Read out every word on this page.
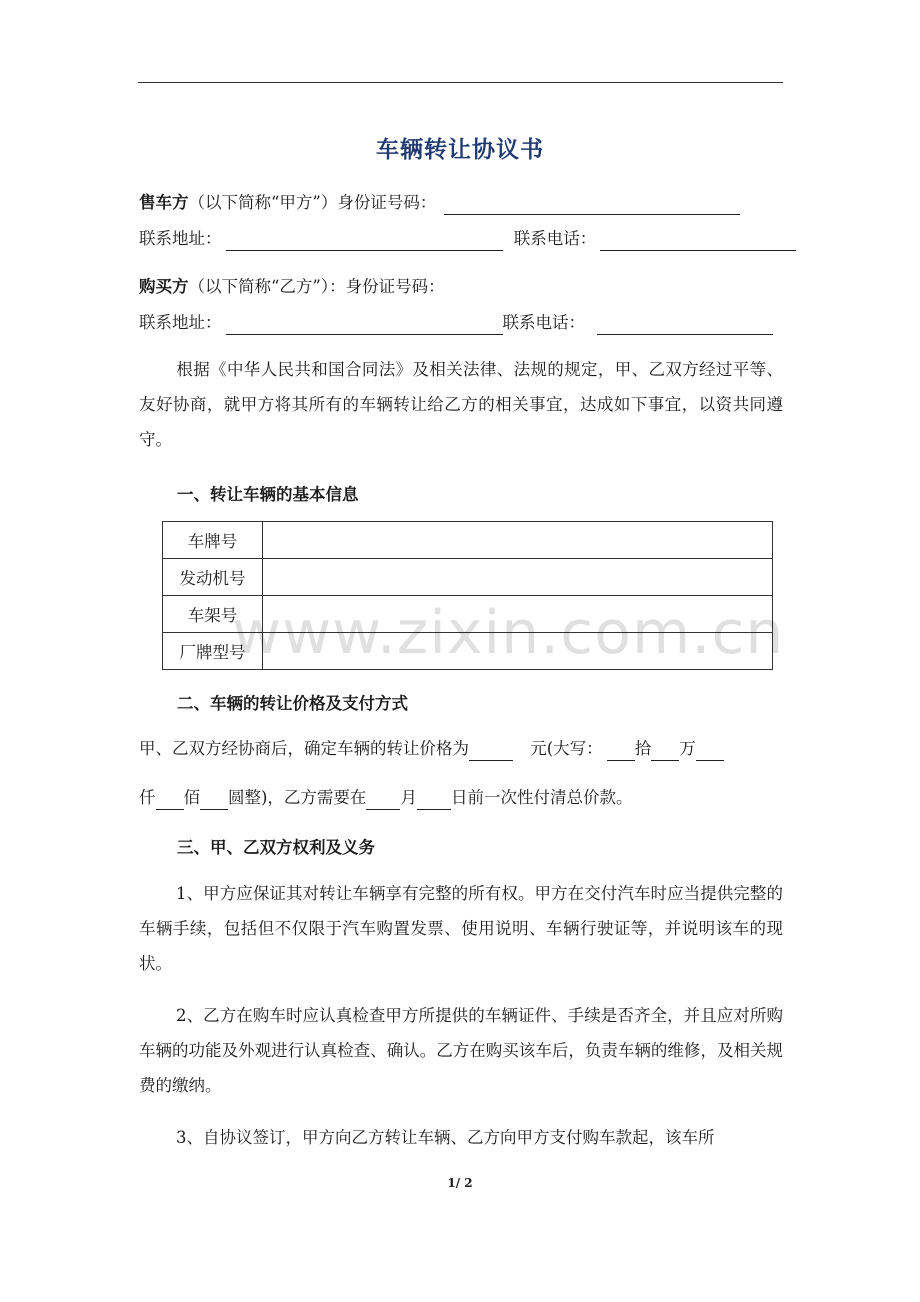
车辆转让协议书
售车方（以下简称“甲方”）身份证号码：
联系地址：	联系电话：
购买方（以下简称“乙方”）：身份证号码：
联系地址：	联系电话：
根据《中华人民共和国合同法》及相关法律、法规的规定，甲、乙双方经过平等、友好协商，就甲方将其所有的车辆转让给乙方的相关事宜，达成如下事宜，以资共同遵守。
一、转让车辆的基本信息
车牌号	
发动机号	
车架号	
厂牌型号	
www.zixin.com.cn
二、车辆的转让价格及支付方式
甲、乙双方经协商后，确定车辆的转让价格为	元(大写： 拾 万
仟 佰 圆整)，乙方需要在 月 日前一次性付清总价款。
三、甲、乙双方权利及义务
1、甲方应保证其对转让车辆享有完整的所有权。甲方在交付汽车时应当提供完整的车辆手续，包括但不仅限于汽车购置发票、使用说明、车辆行驶证等，并说明该车的现状。
2、乙方在购车时应认真检查甲方所提供的车辆证件、手续是否齐全，并且应对所购车辆的功能及外观进行认真检查、确认。乙方在购买该车后，负责车辆的维修，及相关规费的缴纳。
3、自协议签订，甲方向乙方转让车辆、乙方向甲方支付购车款起，该车所
1/ 2
